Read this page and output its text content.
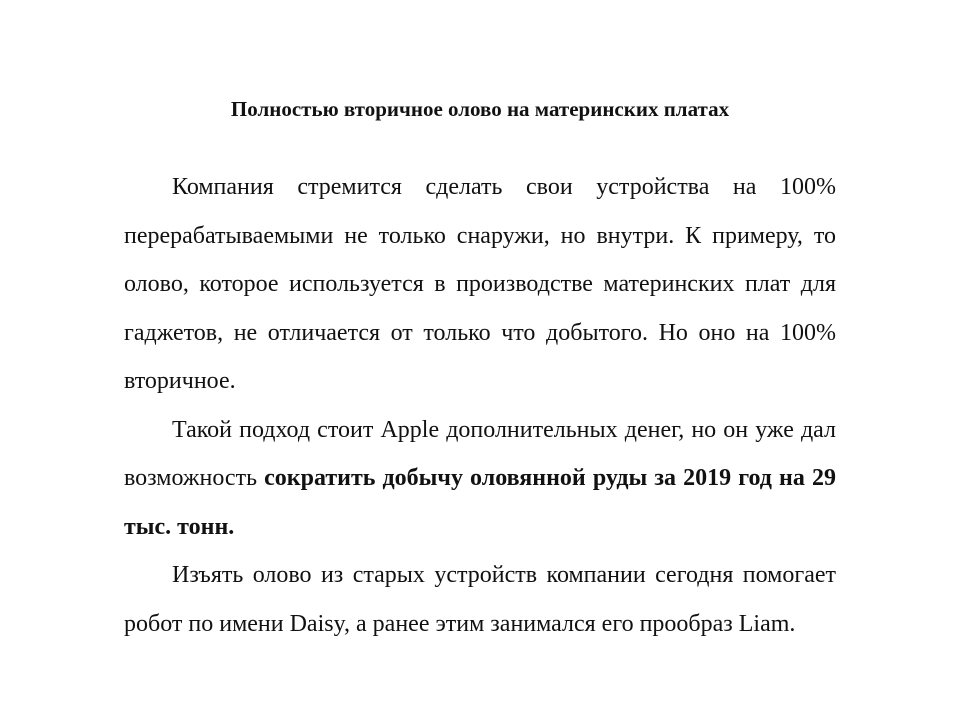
Полностью вторичное олово на материнских платах

Компания стремится сделать свои устройства на 100% перерабатываемыми не только снаружи, но внутри. К примеру, то олово, которое используется в производстве материнских плат для гаджетов, не отличается от только что добытого. Но оно на 100% вторичное.

Такой подход стоит Apple дополнительных денег, но он уже дал возможность сократить добычу оловянной руды за 2019 год на 29 тыс. тонн.

Изъять олово из старых устройств компании сегодня помогает робот по имени Daisy, а ранее этим занимался его прообраз Liam.
